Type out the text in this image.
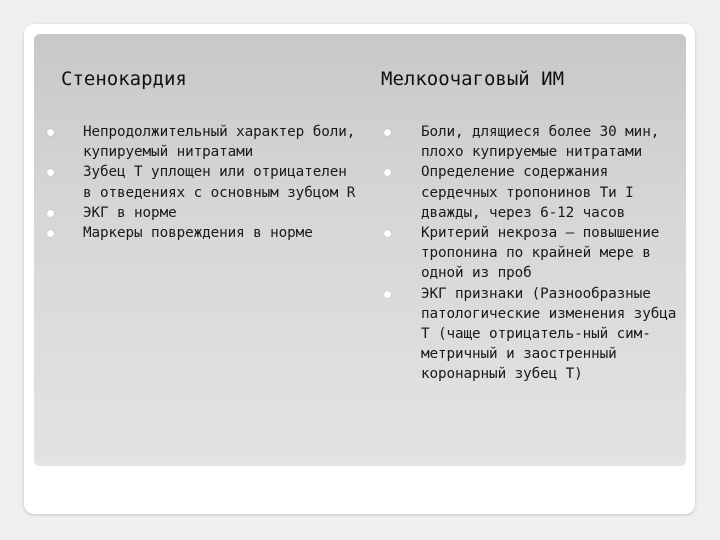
Стенокардия
Непродолжительный характер боли, купируемый нитратами
Зубец Т уплощен или отрицателен в отведениях с основным зубцом R
ЭКГ в норме
Маркеры повреждения в норме
Мелкоочаговый ИМ
Боли, длящиеся более 30 мин, плохо купируемые нитратами
Определение содержания сердечных тропонинов Ти I дважды, через 6-12 часов
Критерий некроза — повышение тропонина по крайней мере в одной из проб
ЭКГ признаки (Разнообразные патологические изменения зубца Т (чаще отрицатель-ный сим-метричный и заостренный коронарный зубец Т)
